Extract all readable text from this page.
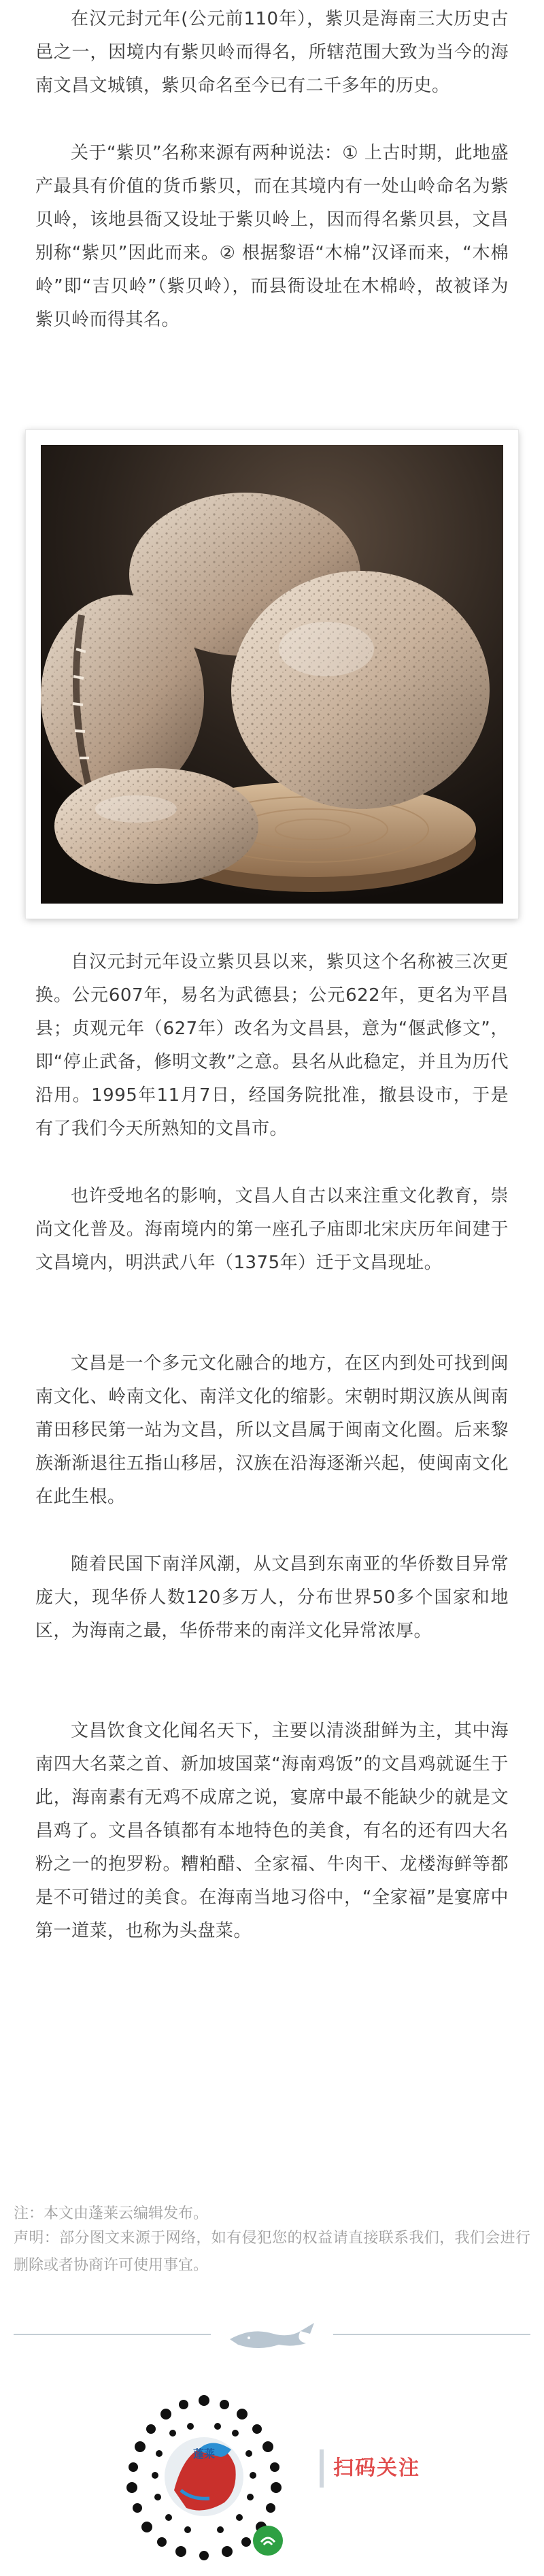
在汉元封元年(公元前110年），紫贝是海南三大历史古邑之一，因境内有紫贝岭而得名，所辖范围大致为当今的海南文昌文城镇，紫贝命名至今已有二千多年的历史。

关于“紫贝”名称来源有两种说法：① 上古时期，此地盛产最具有价值的货币紫贝，而在其境内有一处山岭命名为紫贝岭，该地县衙又设址于紫贝岭上，因而得名紫贝县，文昌别称“紫贝”因此而来。② 根据黎语“木棉”汉译而来，“木棉岭”即“吉贝岭”（紫贝岭），而县衙设址在木棉岭，故被译为紫贝岭而得其名。

自汉元封元年设立紫贝县以来，紫贝这个名称被三次更换。公元607年，易名为武德县；公元622年，更名为平昌县；贞观元年（627年）改名为文昌县，意为“偃武修文”，即“停止武备，修明文教”之意。县名从此稳定，并且为历代沿用。1995年11月7日，经国务院批准，撤县设市，于是有了我们今天所熟知的文昌市。

也许受地名的影响，文昌人自古以来注重文化教育，崇尚文化普及。海南境内的第一座孔子庙即北宋庆历年间建于文昌境内，明洪武八年（1375年）迁于文昌现址。

文昌是一个多元文化融合的地方，在区内到处可找到闽南文化、岭南文化、南洋文化的缩影。宋朝时期汉族从闽南莆田移民第一站为文昌，所以文昌属于闽南文化圈。后来黎族渐渐退往五指山移居，汉族在沿海逐渐兴起，使闽南文化在此生根。

随着民国下南洋风潮，从文昌到东南亚的华侨数目异常庞大，现华侨人数120多万人，分布世界50多个国家和地区，为海南之最，华侨带来的南洋文化异常浓厚。

文昌饮食文化闻名天下，主要以清淡甜鲜为主，其中海南四大名菜之首、新加坡国菜“海南鸡饭”的文昌鸡就诞生于此，海南素有无鸡不成席之说，宴席中最不能缺少的就是文昌鸡了。文昌各镇都有本地特色的美食，有名的还有四大名粉之一的抱罗粉。糟粕醋、全家福、牛肉干、龙楼海鲜等都是不可错过的美食。在海南当地习俗中，“全家福”是宴席中第一道菜，也称为头盘菜。

注：本文由蓬莱云编辑发布。

声明：部分图文来源于网络，如有侵犯您的权益请直接联系我们，我们会进行删除或者协商许可使用事宜。

蓬莱
扫码关注
